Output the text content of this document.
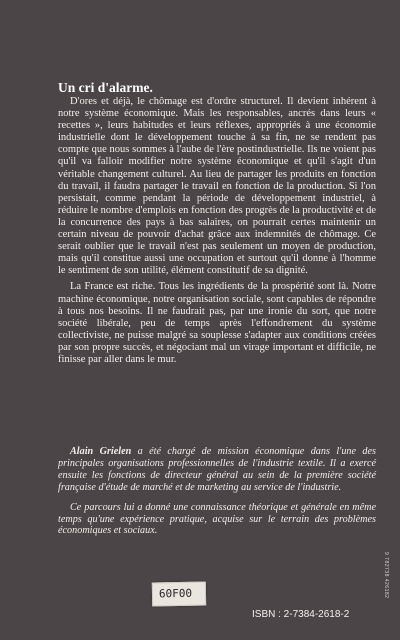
Un cri d'alarme.

D'ores et déjà, le chômage est d'ordre structurel. Il devient inhérent à notre système économique. Mais les responsables, ancrés dans leurs « recettes », leurs habitudes et leurs réflexes, appropriés à une économie industrielle dont le développement touche à sa fin, ne se rendent pas compte que nous sommes à l'aube de l'ère postindustrielle. Ils ne voient pas qu'il va falloir modifier notre système économique et qu'il s'agit d'un véritable changement culturel. Au lieu de partager les produits en fonction du travail, il faudra partager le travail en fonction de la production. Si l'on persistait, comme pendant la période de développement industriel, à réduire le nombre d'emplois en fonction des progrès de la productivité et de la concurrence des pays à bas salaires, on pourrait certes maintenir un certain niveau de pouvoir d'achat grâce aux indemnités de chômage. Ce serait oublier que le travail n'est pas seulement un moyen de production, mais qu'il constitue aussi une occupation et surtout qu'il donne à l'homme le sentiment de son utilité, élément constitutif de sa dignité.

La France est riche. Tous les ingrédients de la prospérité sont là. Notre machine économique, notre organisation sociale, sont capables de répondre à tous nos besoins. Il ne faudrait pas, par une ironie du sort, que notre société libérale, peu de temps après l'effondrement du système collectiviste, ne puisse malgré sa souplesse s'adapter aux conditions créées par son propre succès, et négociant mal un virage important et difficile, ne finisse par aller dans le mur.

Alain Grielen a été chargé de mission économique dans l'une des principales organisations professionnelles de l'industrie textile. Il a exercé ensuite les fonctions de directeur général au sein de la première société française d'étude de marché et de marketing au service de l'industrie.

Ce parcours lui a donné une connaissance théorique et générale en même temps qu'une expérience pratique, acquise sur le terrain des problèmes économiques et sociaux.

60F00
ISBN : 2-7384-2618-2
9 782738 426182
